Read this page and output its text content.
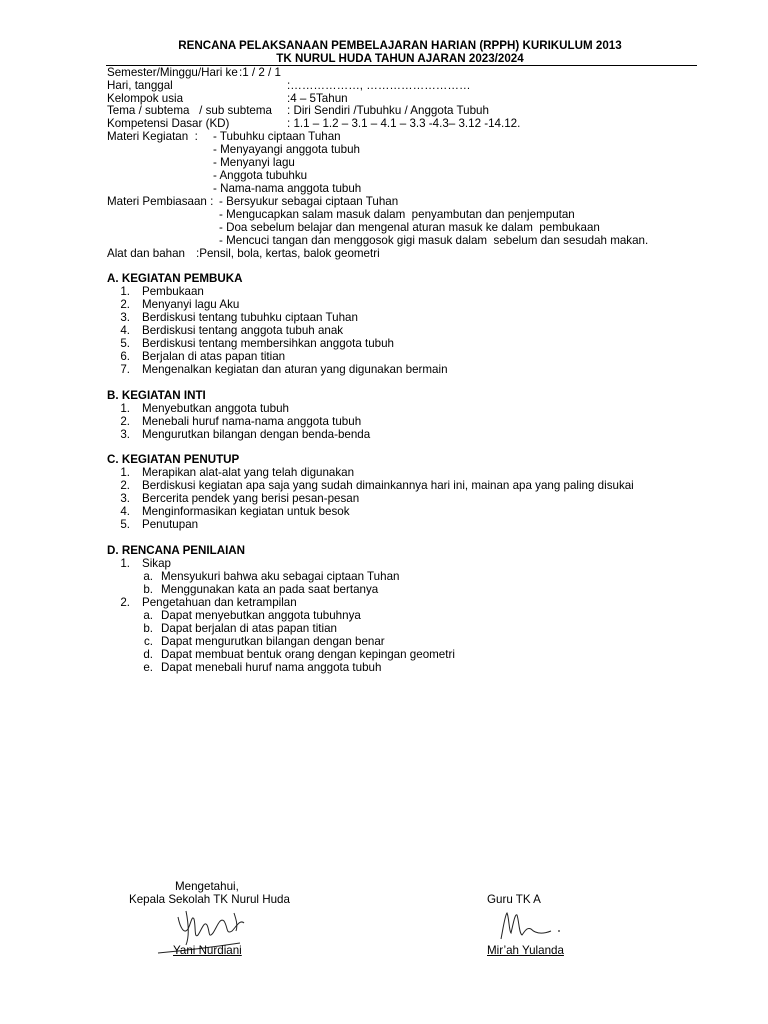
RENCANA PELAKSANAAN PEMBELAJARAN HARIAN (RPPH) KURIKULUM 2013
TK NURUL HUDA TAHUN AJARAN 2023/2024
Semester/Minggu/Hari ke :1 / 2 / 1
Hari, tanggal	:………………, ………………………
Kelompok usia	:4 – 5Tahun
Tema / subtema   / sub subtema : Diri Sendiri /Tubuhku / Anggota Tubuh
Kompetensi Dasar (KD)	: 1.1 – 1.2 – 3.1 – 4.1 – 3.3 -4.3– 3.12 -14.12.
Materi Kegiatan  : - Tubuhku ciptaan Tuhan
- Menyayangi anggota tubuh
- Menyanyi lagu
- Anggota tubuhku
- Nama-nama anggota tubuh
Materi Pembiasaan : - Bersyukur sebagai ciptaan Tuhan
- Mengucapkan salam masuk dalam  penyambutan dan penjemputan
- Doa sebelum belajar dan mengenal aturan masuk ke dalam  pembukaan
- Mencuci tangan dan menggosok gigi masuk dalam  sebelum dan sesudah makan.
Alat dan bahan :Pensil, bola, kertas, balok geometri
A. KEGIATAN PEMBUKA
1. Pembukaan
2. Menyanyi lagu Aku
3. Berdiskusi tentang tubuhku ciptaan Tuhan
4. Berdiskusi tentang anggota tubuh anak
5. Berdiskusi tentang membersihkan anggota tubuh
6. Berjalan di atas papan titian
7. Mengenalkan kegiatan dan aturan yang digunakan bermain
B. KEGIATAN INTI
1. Menyebutkan anggota tubuh
2. Menebali huruf nama-nama anggota tubuh
3. Mengurutkan bilangan dengan benda-benda
C. KEGIATAN PENUTUP
1. Merapikan alat-alat yang telah digunakan
2. Berdiskusi kegiatan apa saja yang sudah dimainkannya hari ini, mainan apa yang paling disukai
3. Bercerita pendek yang berisi pesan-pesan
4. Menginformasikan kegiatan untuk besok
5. Penutupan
D. RENCANA PENILAIAN
1. Sikap
a. Mensyukuri bahwa aku sebagai ciptaan Tuhan
b. Menggunakan kata an pada saat bertanya
2. Pengetahuan dan ketrampilan
a. Dapat menyebutkan anggota tubuhnya
b. Dapat berjalan di atas papan titian
c. Dapat mengurutkan bilangan dengan benar
d. Dapat membuat bentuk orang dengan kepingan geometri
e. Dapat menebali huruf nama anggota tubuh
Mengetahui,
Kepala Sekolah TK Nurul Huda
Yani Nurdiani
Guru TK A
Mir’ah Yulanda
